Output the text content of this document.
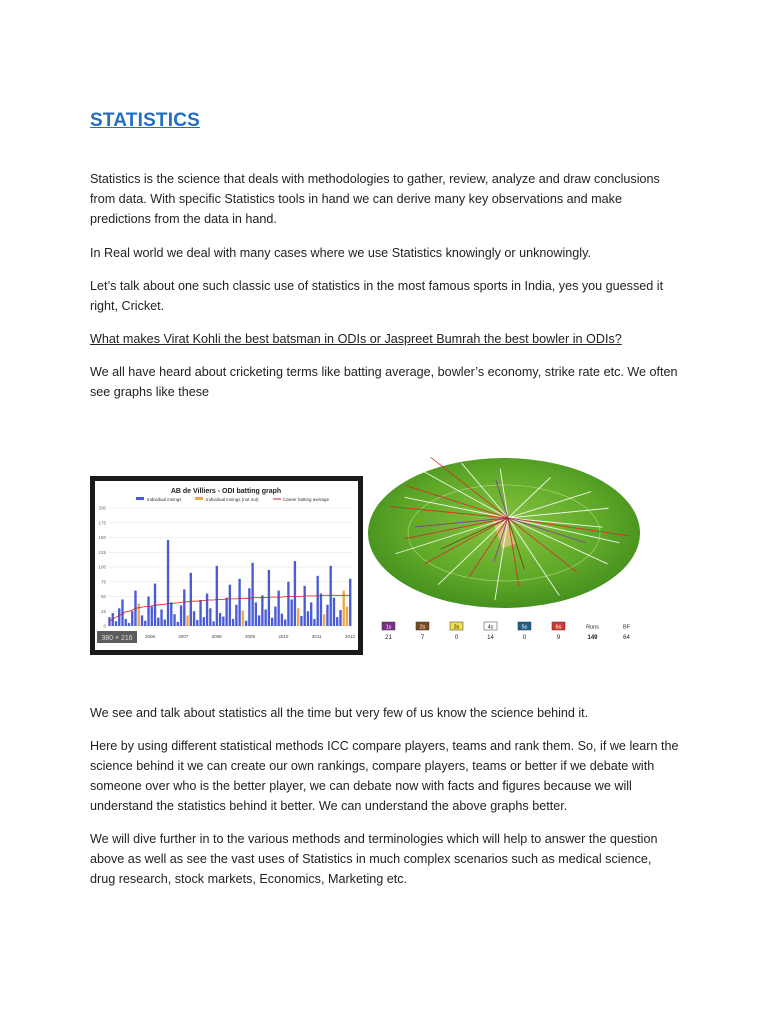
STATISTICS

Statistics is the science that deals with methodologies to gather, review, analyze and draw conclusions from data. With specific Statistics tools in hand we can derive many key observations and make predictions from the data in hand.

In Real world we deal with many cases where we use Statistics knowingly or unknowingly.

Let’s talk about one such classic use of statistics in the most famous sports in India, yes you guessed it right, Cricket.

What makes Virat Kohli the best batsman in ODIs or Jaspreet Bumrah the best bowler in ODIs?

We all have heard about cricketing terms like batting average, bowler’s economy, strike rate etc. We often see graphs like these

AB de Villiers - ODI batting graph
Individual innings	Individual innings (not out)	Career batting average
0
25
50
75
100
125
150
175
200
2006	2007	2008	2009	2010	2011	2012
380 × 216
1s
21
2s
7
3s
0
4s
14
5s
0
6s
9
Runs
149
BF
64

We see and talk about statistics all the time but very few of us know the science behind it.

Here by using different statistical methods ICC compare players, teams and rank them. So, if we learn the science behind it we can create our own rankings, compare players, teams or better if we debate with someone over who is the better player, we can debate now with facts and figures because we will understand the statistics behind it better. We can understand the above graphs better.

We will dive further in to the various methods and terminologies which will help to answer the question above as well as see the vast uses of Statistics in much complex scenarios such as medical science, drug research, stock markets, Economics, Marketing etc.
